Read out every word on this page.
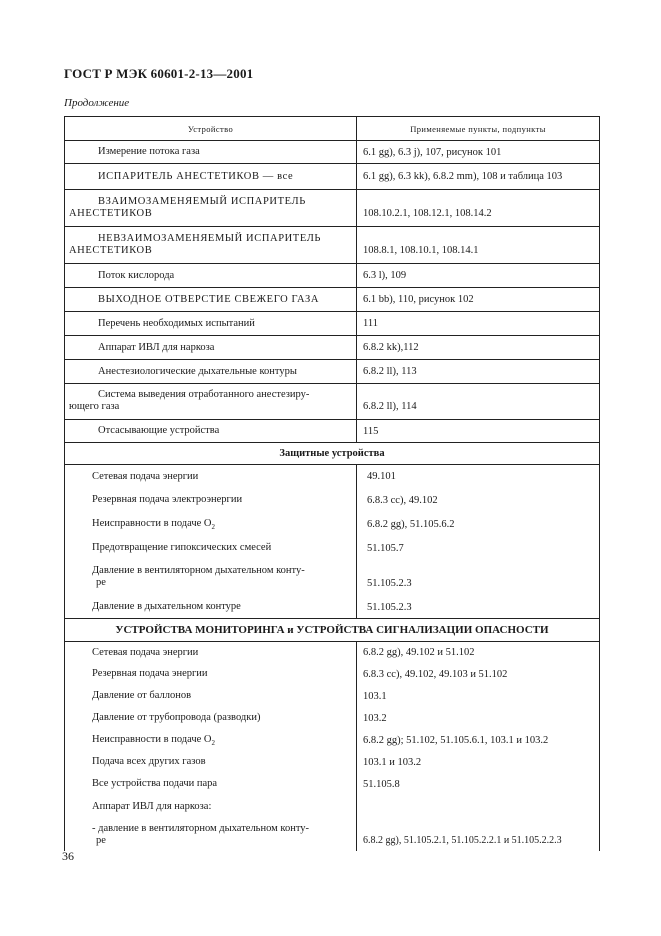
ГОСТ Р МЭК 60601-2-13—2001
Продолжение
Устройство	Применяемые пункты, подпункты
Измерение потока газа	6.1 gg), 6.3 j), 107, рисунок 101
ИСПАРИТЕЛЬ АНЕСТЕТИКОВ — все	6.1 gg), 6.3 kk), 6.8.2 mm), 108 и таблица 103
ВЗАИМОЗАМЕНЯЕМЫЙ ИСПАРИТЕЛЬ
АНЕСТЕТИКОВ	108.10.2.1, 108.12.1, 108.14.2
НЕВЗАИМОЗАМЕНЯЕМЫЙ ИСПАРИТЕЛЬ
АНЕСТЕТИКОВ	108.8.1, 108.10.1, 108.14.1
Поток кислорода	6.3 l), 109
ВЫХОДНОЕ ОТВЕРСТИЕ СВЕЖЕГО ГАЗА	6.1 bb), 110, рисунок 102
Перечень необходимых испытаний	111
Аппарат ИВЛ для наркоза	6.8.2 kk),112
Анестезиологические дыхательные контуры	6.8.2 ll), 113
Система выведения отработанного анестезиру-
ющего газа	6.8.2 ll), 114
Отсасывающие устройства	115
Защитные устройства
Сетевая подача энергии	49.101
Резервная подача электроэнергии	6.8.3 cc), 49.102
Неисправности в подаче O 2	6.8.2 gg), 51.105.6.2
Предотвращение гипоксических смесей	51.105.7
Давление в вентиляторном дыхательном конту-
ре	51.105.2.3
Давление в дыхательном контуре	51.105.2.3
УСТРОЙСТВА МОНИТОРИНГА
и
УСТРОЙСТВА СИГНАЛИЗАЦИИ ОПАСНОСТИ
Сетевая подача энергии	6.8.2 gg), 49.102 и 51.102
Резервная подача энергии	6.8.3 cc), 49.102, 49.103 и 51.102
Давление от баллонов	103.1
Давление от трубопровода (разводки)	103.2
Неисправности в подаче O 2	6.8.2 gg); 51.102, 51.105.6.1, 103.1 и 103.2
Подача всех других газов	103.1 и 103.2
Все устройства подачи пара	51.105.8
Аппарат ИВЛ для наркоза:
- давление в вентиляторном дыхательном конту-
ре	6.8.2 gg), 51.105.2.1, 51.105.2.2.1 и 51.105.2.2.3
36
